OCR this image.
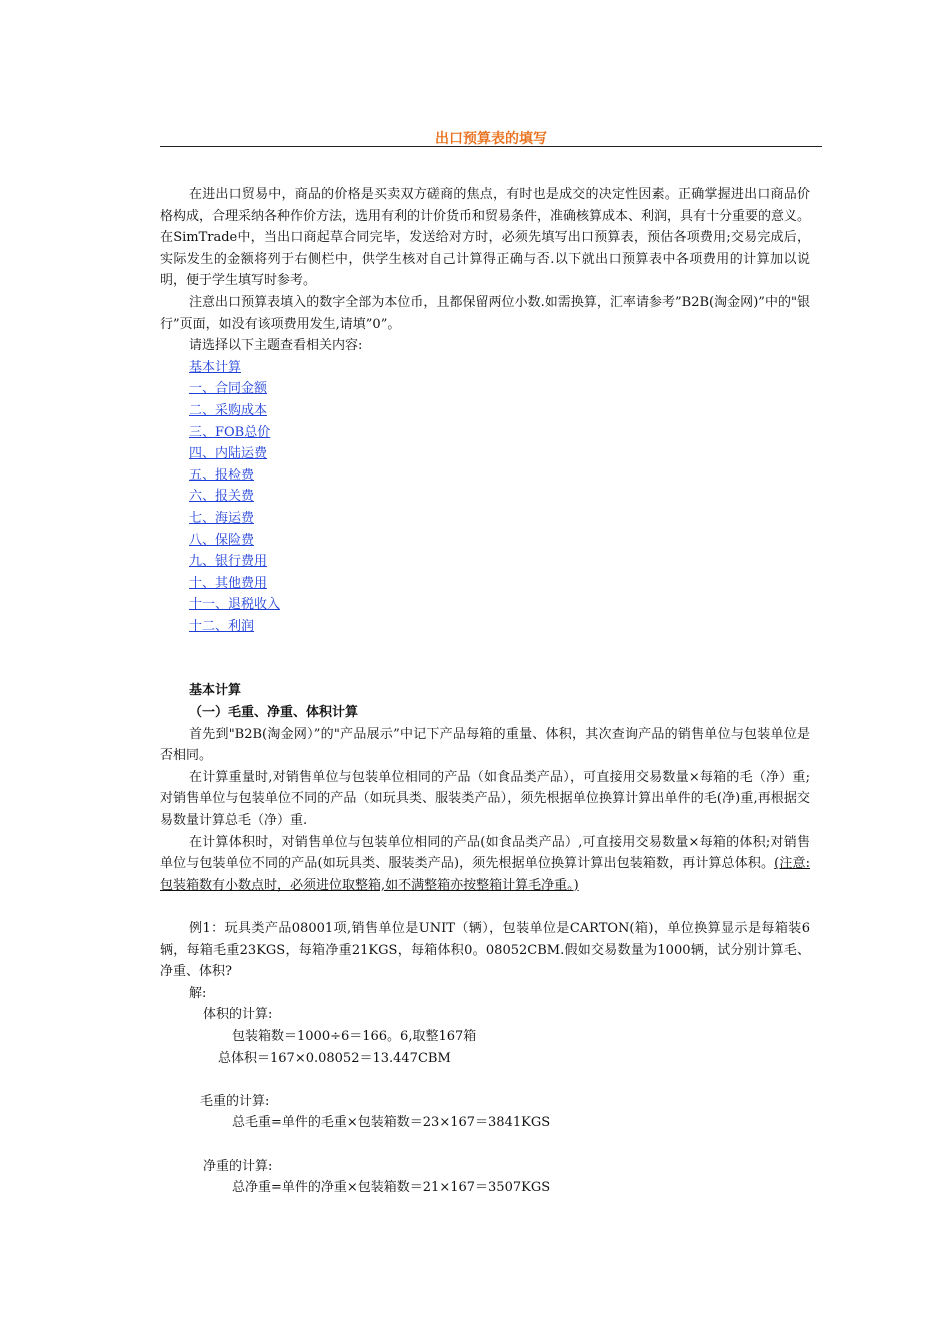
出口预算表的填写

在进出口贸易中，商品的价格是买卖双方磋商的焦点，有时也是成交的决定性因素。正确掌握进出口商品价格构成，合理采纳各种作价方法，选用有利的计价货币和贸易条件，准确核算成本、利润，具有十分重要的意义。在SimTrade中，当出口商起草合同完毕，发送给对方时，必须先填写出口预算表，预估各项费用;交易完成后，实际发生的金额将列于右侧栏中，供学生核对自己计算得正确与否.以下就出口预算表中各项费用的计算加以说明，便于学生填写时参考。

注意出口预算表填入的数字全部为本位币，且都保留两位小数.如需换算，汇率请参考”B2B(淘金网)”中的"银行”页面，如没有该项费用发生,请填”0”。

请选择以下主题查看相关内容:

基本计算

一、合同金额

二、采购成本

三、FOB总价

四、内陆运费

五、报检费

六、报关费

七、海运费

八、保险费

九、银行费用

十、其他费用

十一、退税收入

十二、利润

基本计算

（一）毛重、净重、体积计算

首先到"B2B(淘金网）”的"产品展示”中记下产品每箱的重量、体积，其次查询产品的销售单位与包装单位是否相同。

在计算重量时,对销售单位与包装单位相同的产品（如食品类产品），可直接用交易数量×每箱的毛（净）重;对销售单位与包装单位不同的产品（如玩具类、服装类产品），须先根据单位换算计算出单件的毛(净)重,再根据交易数量计算总毛（净）重.

在计算体积时，对销售单位与包装单位相同的产品(如食品类产品）,可直接用交易数量×每箱的体积;对销售单位与包装单位不同的产品(如玩具类、服装类产品)，须先根据单位换算计算出包装箱数，再计算总体积。(注意:包装箱数有小数点时，必须进位取整箱,如不满整箱亦按整箱计算毛净重。)

例1：玩具类产品08001项,销售单位是UNIT（辆），包装单位是CARTON(箱)，单位换算显示是每箱装6辆，每箱毛重23KGS，每箱净重21KGS，每箱体积0。08052CBM.假如交易数量为1000辆，试分别计算毛、净重、体积?

解:

体积的计算:

包装箱数＝1000÷6＝166。6,取整167箱

总体积＝167×0.08052＝13.447CBM

毛重的计算:

总毛重=单件的毛重×包装箱数＝23×167＝3841KGS

净重的计算:

总净重=单件的净重×包装箱数＝21×167＝3507KGS
